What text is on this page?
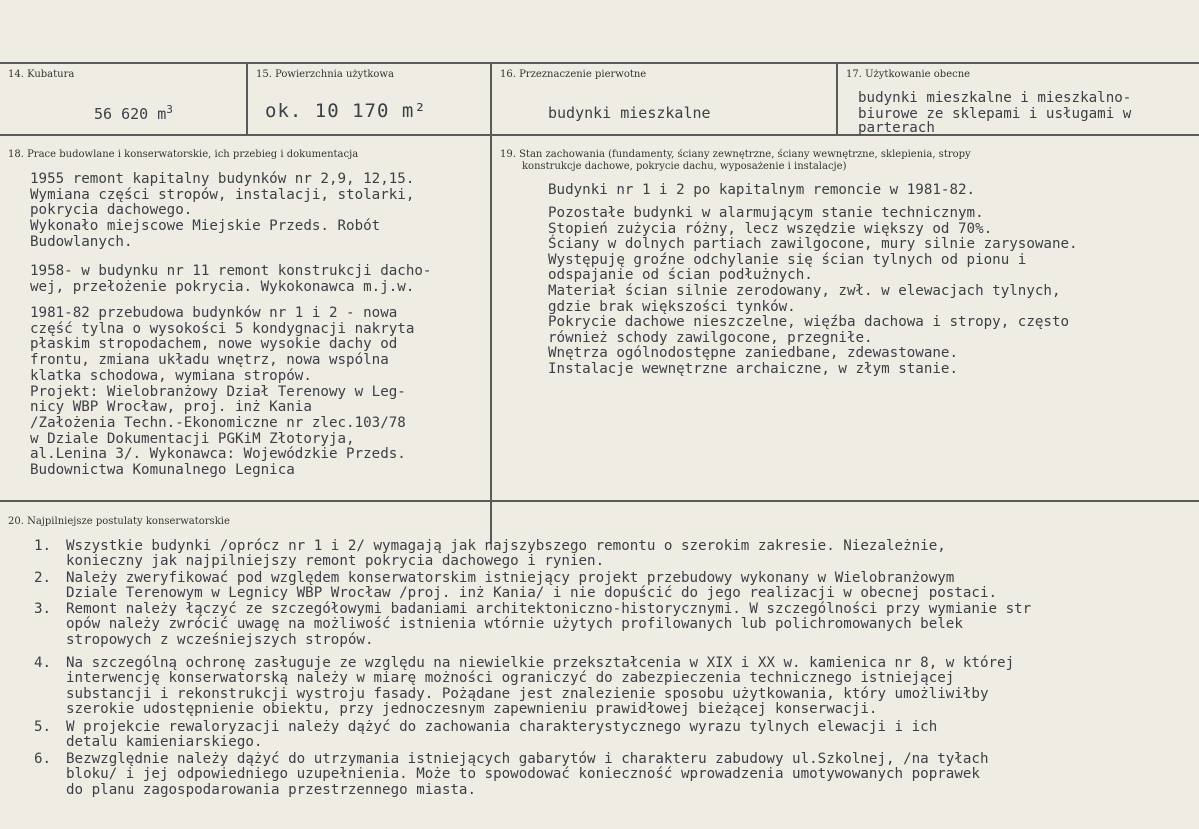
14. Kubatura
56 620 $m^3$
15. Powierzchnia użytkowa
ok. 10 170 m²
16. Przeznaczenie pierwotne
budynki mieszkalne
17. Użytkowanie obecne
budynki mieszkalne i mieszkalno-
biurowe ze sklepami i usługami w
parterach
18. Prace budowlane i konserwatorskie, ich przebieg i dokumentacja
1955 remont kapitalny budynków nr 2,9, 12,15.
Wymiana części stropów, instalacji, stolarki,
pokrycia dachowego.
Wykonało miejscowe Miejskie Przeds. Robót
Budowlanych.
1958- w budynku nr 11 remont konstrukcji dacho-
wej, przełożenie pokrycia. Wykokonawca m.j.w.
1981-82 przebudowa budynków nr 1 i 2 - nowa
część tylna o wysokości 5 kondygnacji nakryta
płaskim stropodachem, nowe wysokie dachy od
frontu, zmiana układu wnętrz, nowa wspólna
klatka schodowa, wymiana stropów.
Projekt: Wielobranżowy Dział Terenowy w Leg-
nicy WBP Wrocław, proj. inż Kania
/Założenia Techn.-Ekonomiczne nr zlec.103/78
w Dziale Dokumentacji PGKiM Złotoryja,
al.Lenina 3/. Wykonawca: Wojewódzkie Przeds.
Budownictwa Komunalnego Legnica
19. Stan zachowania (fundamenty, ściany zewnętrzne, ściany wewnętrzne, sklepienia, stropy
konstrukcje dachowe, pokrycie dachu, wyposażenie i instalacje)
Budynki nr 1 i 2 po kapitalnym remoncie w 1981-82.
Pozostałe budynki w alarmującym stanie technicznym.
Stopień zużycia różny, lecz wszędzie większy od 70%.
Ściany w dolnych partiach zawilgocone, mury silnie zarysowane.
Występuję groźne odchylanie się ścian tylnych od pionu i
odspajanie od ścian podłużnych.
Materiał ścian silnie zerodowany, zwł. w elewacjach tylnych,
gdzie brak większości tynków.
Pokrycie dachowe nieszczelne, więźba dachowa i stropy, często
również schody zawilgocone, przegniłe.
Wnętrza ogólnodostępne zaniedbane, zdewastowane.
Instalacje wewnętrzne archaiczne, w złym stanie.
20. Najpilniejsze postulaty konserwatorskie
1. Wszystkie budynki /oprócz nr 1 i 2/ wymagają jak najszybszego remontu o szerokim zakresie. Niezależnie,
konieczny jak najpilniejszy remont pokrycia dachowego i rynien.
2. Należy zweryfikować pod względem konserwatorskim istniejący projekt przebudowy wykonany w Wielobranżowym
Dziale Terenowym w Legnicy WBP Wrocław /proj. inż Kania/ i nie dopuścić do jego realizacji w obecnej postaci.
3. Remont należy łączyć ze szczegółowymi badaniami architektoniczno-historycznymi. W szczególności przy wymianie str
opów należy zwrócić uwagę na możliwość istnienia wtórnie użytych profilowanych lub polichromowanych belek
stropowych z wcześniejszych stropów.
4. Na szczególną ochronę zasługuje ze względu na niewielkie przekształcenia w XIX i XX w. kamienica nr 8, w której
interwencję konserwatorską należy w miarę możności ograniczyć do zabezpieczenia technicznego istniejącej
substancji i rekonstrukcji wystroju fasady. Pożądane jest znalezienie sposobu użytkowania, który umożliwiłby
szerokie udostępnienie obiektu, przy jednoczesnym zapewnieniu prawidłowej bieżącej konserwacji.
5. W projekcie rewaloryzacji należy dążyć do zachowania charakterystycznego wyrazu tylnych elewacji i ich
detalu kamieniarskiego.
6. Bezwzględnie należy dążyć do utrzymania istniejących gabarytów i charakteru zabudowy ul.Szkolnej, /na tyłach
bloku/ i jej odpowiedniego uzupełnienia. Może to spowodować konieczność wprowadzenia umotywowanych poprawek
do planu zagospodarowania przestrzennego miasta.
